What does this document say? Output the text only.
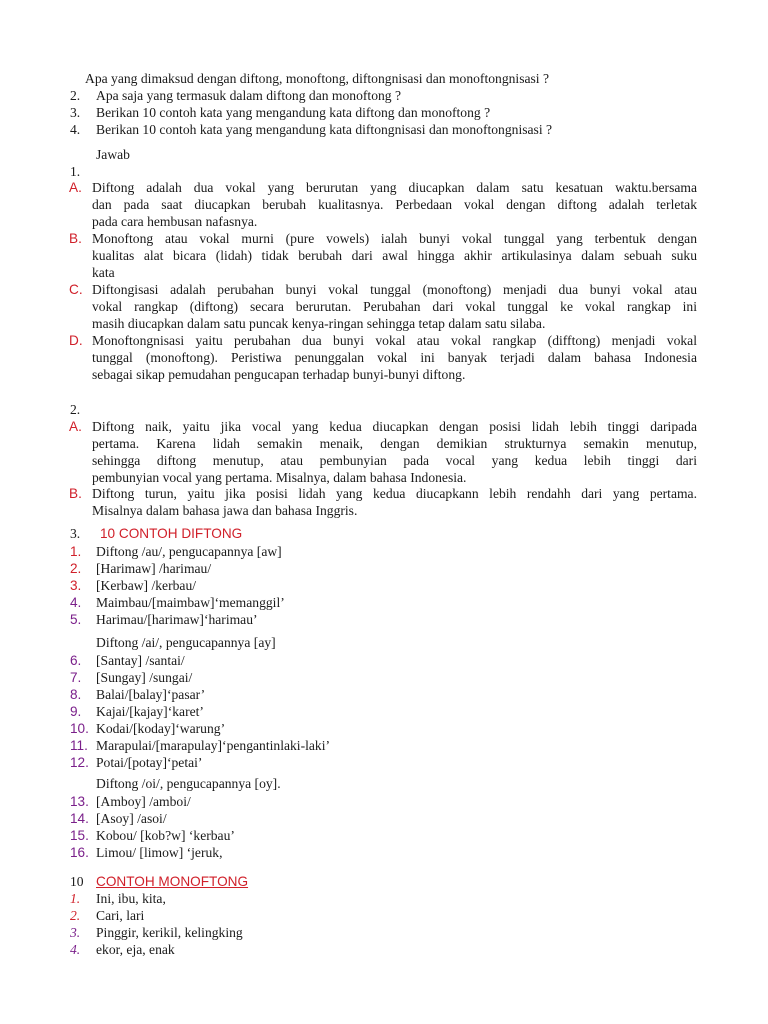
Apa yang dimaksud dengan diftong, monoftong, diftongnisasi dan monoftongnisasi ?
2. Apa saja yang termasuk dalam diftong dan monoftong ?
3. Berikan 10 contoh kata yang mengandung kata diftong dan monoftong ?
4. Berikan 10 contoh kata yang mengandung kata diftongnisasi dan monoftongnisasi ?
Jawab
1.
A. Diftong adalah dua vokal yang berurutan yang diucapkan dalam satu kesatuan waktu.bersama
dan pada saat diucapkan berubah kualitasnya. Perbedaan vokal dengan diftong adalah terletak
pada cara hembusan nafasnya.
B. Monoftong atau vokal murni (pure vowels) ialah bunyi vokal tunggal yang terbentuk dengan
kualitas alat bicara (lidah) tidak berubah dari awal hingga akhir artikulasinya dalam sebuah suku
kata
C. Diftongisasi adalah perubahan bunyi vokal tunggal (monoftong) menjadi dua bunyi vokal atau
vokal rangkap (diftong) secara berurutan. Perubahan dari vokal tunggal ke vokal rangkap ini
masih diucapkan dalam satu puncak kenya-ringan sehingga tetap dalam satu silaba.
D. Monoftongnisasi yaitu perubahan dua bunyi vokal atau vokal rangkap (difftong) menjadi vokal
tunggal (monoftong). Peristiwa penunggalan vokal ini banyak terjadi dalam bahasa Indonesia
sebagai sikap pemudahan pengucapan terhadap bunyi-bunyi diftong.
2.
A. Diftong naik, yaitu jika vocal yang kedua diucapkan dengan posisi lidah lebih tinggi daripada
pertama. Karena lidah semakin menaik, dengan demikian strukturnya semakin menutup,
sehingga diftong menutup, atau pembunyian pada vocal yang kedua lebih tinggi dari
pembunyian vocal yang pertama. Misalnya, dalam bahasa Indonesia.
B. Diftong turun, yaitu jika posisi lidah yang kedua diucapkann lebih rendahh dari yang pertama.
Misalnya dalam bahasa jawa dan bahasa Inggris.
3. 10 CONTOH DIFTONG
1. Diftong /au/, pengucapannya [aw]
2. [Harimaw] /harimau/
3. [Kerbaw] /kerbau/
4. Maimbau/[maimbaw]‘memanggil’
5. Harimau/[harimaw]‘harimau’
Diftong /ai/, pengucapannya [ay]
6. [Santay] /santai/
7. [Sungay] /sungai/
8. Balai/[balay]‘pasar’
9. Kajai/[kajay]‘karet’
10. Kodai/[koday]‘warung’
11. Marapulai/[marapulay]‘pengantinlaki-laki’
12. Potai/[potay]‘petai’
Diftong /oi/, pengucapannya [oy].
13. [Amboy] /amboi/
14. [Asoy] /asoi/
15. Kobou/ [kob?w] ‘kerbau’
16. Limou/ [limow] ‘jeruk,
10 CONTOH MONOFTONG
1. Ini, ibu, kita,
2. Cari, lari
3. Pinggir, kerikil, kelingking
4. ekor, eja, enak
